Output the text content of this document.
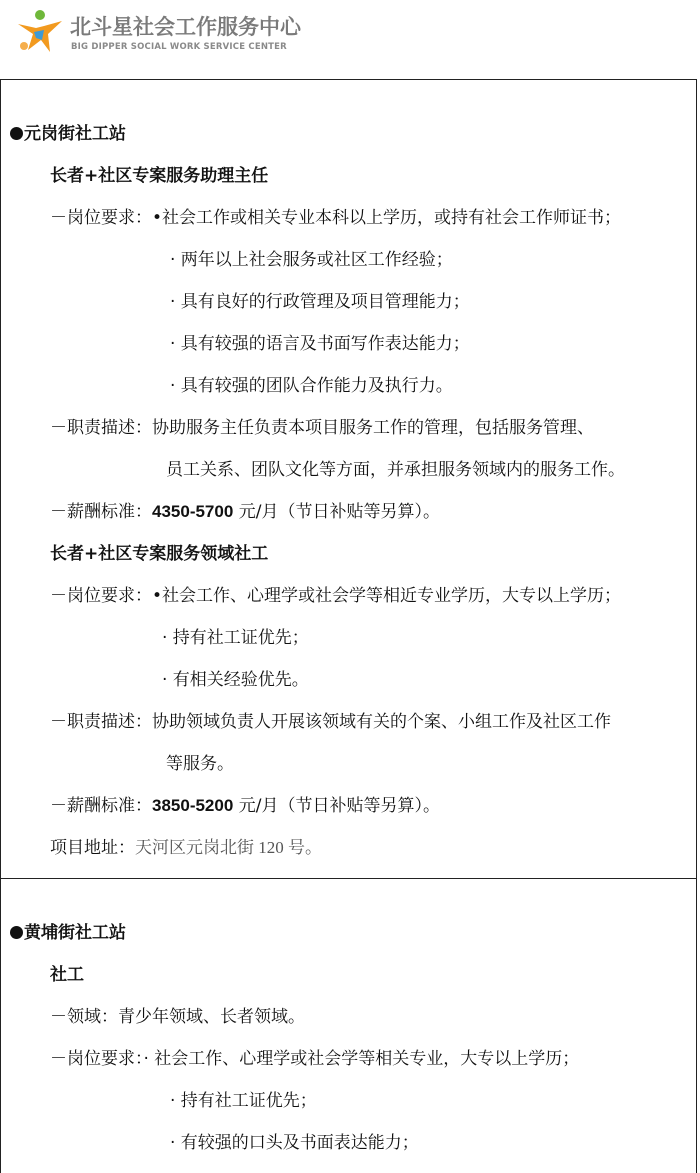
北斗星社会工作服务中心
BIG DIPPER SOCIAL WORK SERVICE CENTER
元岗街社工站
长者+社区专案服务助理主任
－岗位要求：•社会工作或相关专业本科以上学历，或持有社会工作师证书；
· 两年以上社会服务或社区工作经验；
· 具有良好的行政管理及项目管理能力；
· 具有较强的语言及书面写作表达能力；
· 具有较强的团队合作能力及执行力。
－职责描述：协助服务主任负责本项目服务工作的管理，包括服务管理、
员工关系、团队文化等方面，并承担服务领域内的服务工作。
－薪酬标准：4350-5700 元/月（节日补贴等另算）。
长者+社区专案服务领域社工
－岗位要求：•社会工作、心理学或社会学等相近专业学历，大专以上学历；
· 持有社工证优先；
· 有相关经验优先。
－职责描述：协助领域负责人开展该领域有关的个案、小组工作及社区工作
等服务。
－薪酬标准：3850-5200 元/月（节日补贴等另算）。
项目地址：天河区元岗北街 120 号。
黄埔街社工站
社工
－领域：青少年领域、长者领域。
－岗位要求：· 社会工作、心理学或社会学等相关专业，大专以上学历；
· 持有社工证优先；
· 有较强的口头及书面表达能力；
